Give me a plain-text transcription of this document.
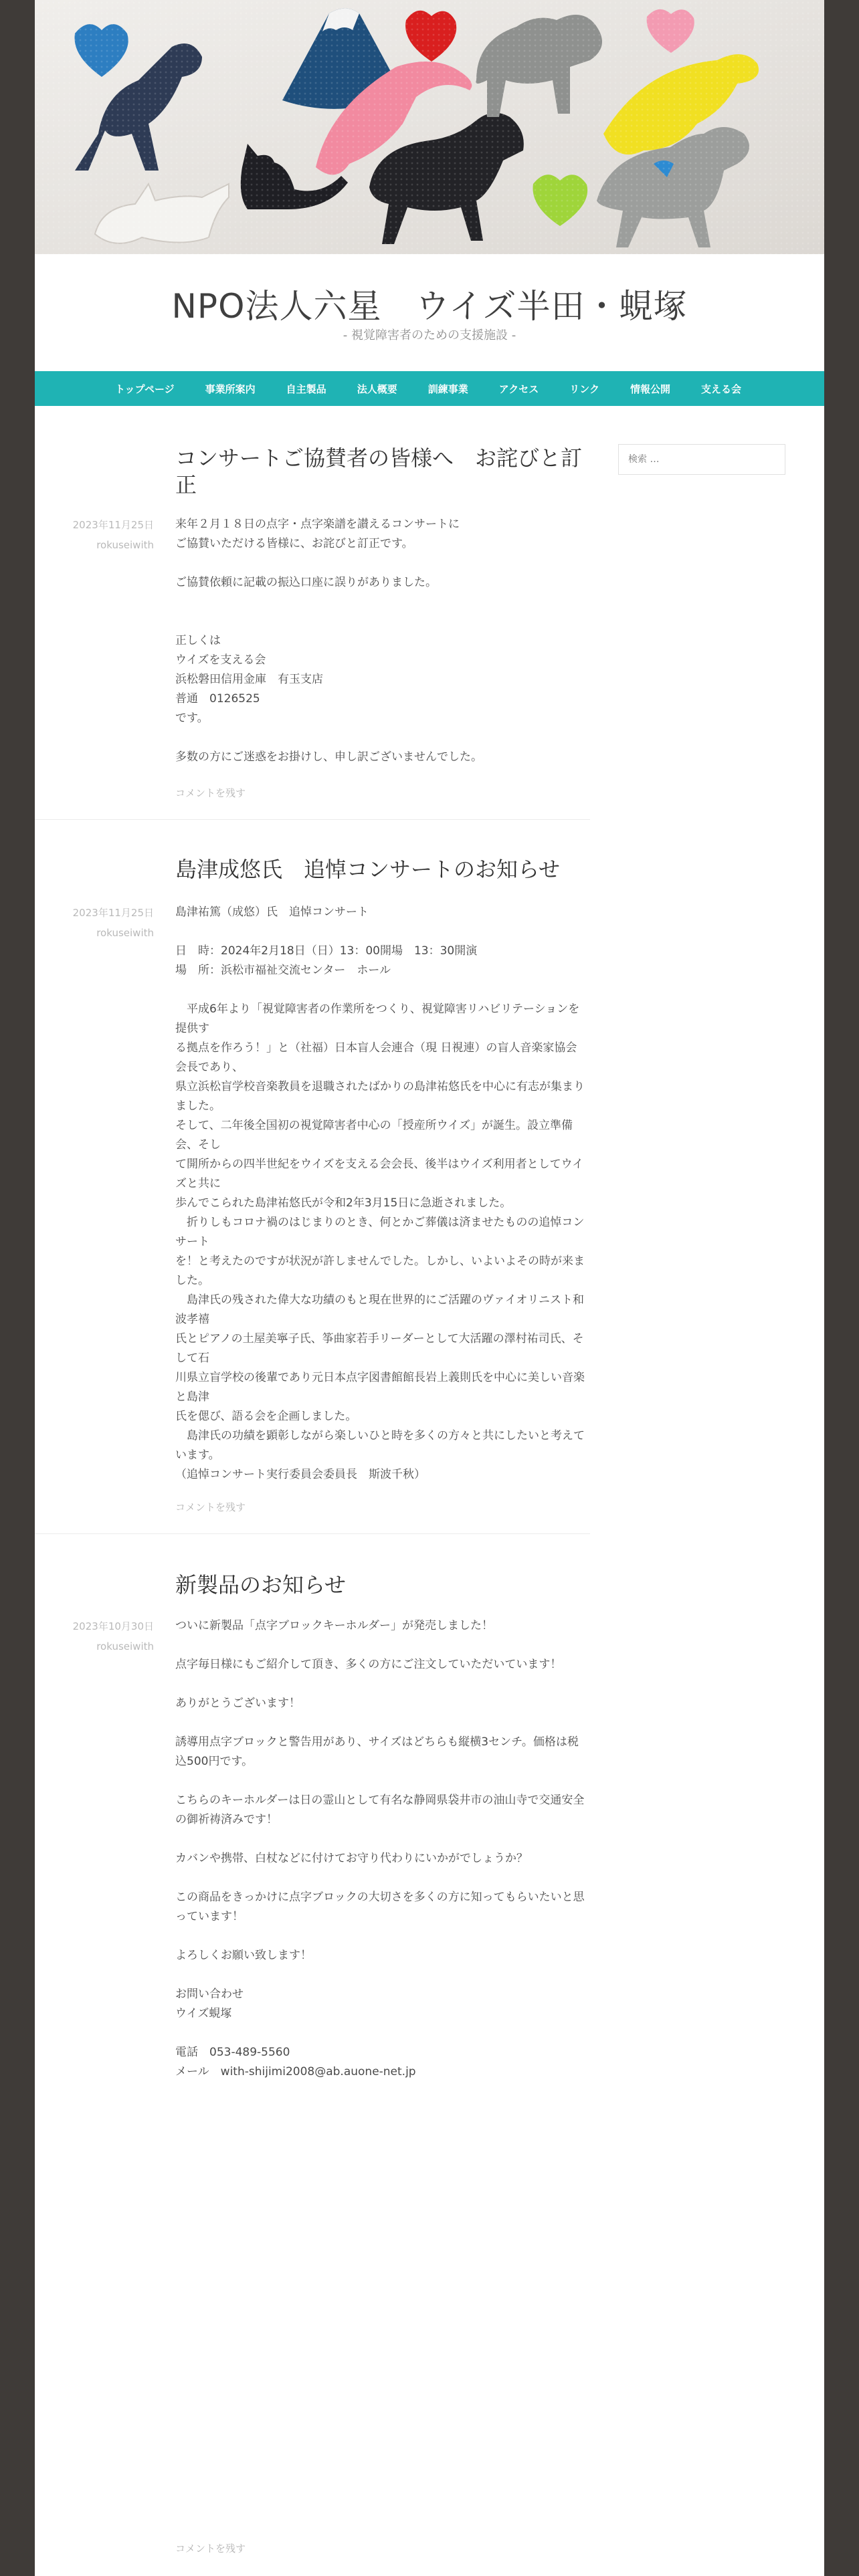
NPO法人六星　ウイズ半田・蜆塚
- 視覚障害者のための支援施設 -
トップページ	事業所案内	自主製品	法人概要	訓練事業	アクセス	リンク	情報公開	支える会
検索 …
コンサートご協賛者の皆様へ　お詫びと訂正
2023年11月25日
rokuseiwith

来年２月１８日の点字・点字楽譜を讃えるコンサートに

ご協賛いただける皆様に、お詫びと訂正です。

ご協賛依頼に記載の振込口座に誤りがありました。

正しくは

ウイズを支える会

浜松磐田信用金庫　有玉支店

普通　0126525

です。

多数の方にご迷惑をお掛けし、申し訳ございませんでした。

コメントを残す
島津成悠氏　追悼コンサートのお知らせ
2023年11月25日
rokuseiwith

島津祐篤（成悠）氏　追悼コンサート

日　時：2024年2月18日（日）13：00開場　13：30開演

場　所：浜松市福祉交流センター　ホール

　平成6年より「視覚障害者の作業所をつくり、視覚障害リハビリテーションを提供す

る拠点を作ろう！」と（社福）日本盲人会連合（現 日視連）の盲人音楽家協会会長であり、

県立浜松盲学校音楽教員を退職されたばかりの島津祐悠氏を中心に有志が集まりました。

そして、二年後全国初の視覚障害者中心の「授産所ウイズ」が誕生。設立準備会、そし

て開所からの四半世紀をウイズを支える会会長、後半はウイズ利用者としてウイズと共に

歩んでこられた島津祐悠氏が令和2年3月15日に急逝されました。

　折りしもコロナ禍のはじまりのとき、何とかご葬儀は済ませたものの追悼コンサート

を！と考えたのですが状況が許しませんでした。しかし、いよいよその時が来ました。

　島津氏の残された偉大な功績のもと現在世界的にご活躍のヴァイオリニスト和波孝禧

氏とピアノの土屋美寧子氏、筝曲家若手リーダーとして大活躍の澤村祐司氏、そして石

川県立盲学校の後輩であり元日本点字図書館館長岩上義則氏を中心に美しい音楽と島津

氏を偲び、語る会を企画しました。

　島津氏の功績を顕彰しながら楽しいひと時を多くの方々と共にしたいと考えています。

（追悼コンサート実行委員会委員長　斯波千秋）

コメントを残す
新製品のお知らせ
2023年10月30日
rokuseiwith

ついに新製品「点字ブロックキーホルダー」が発売しました！

点字毎日様にもご紹介して頂き、多くの方にご注文していただいています！

ありがとうございます！

誘導用点字ブロックと警告用があり、サイズはどちらも縦横3センチ。価格は税込500円です。

こちらのキーホルダーは日の霊山として有名な静岡県袋井市の油山寺で交通安全の御祈祷済みです！

カバンや携帯、白杖などに付けてお守り代わりにいかがでしょうか？

この商品をきっかけに点字ブロックの大切さを多くの方に知ってもらいたいと思っています！

よろしくお願い致します！

お問い合わせ

ウイズ蜆塚

電話　053-489-5560

メール　with-shijimi2008@ab.auone-net.jp

コメントを残す
